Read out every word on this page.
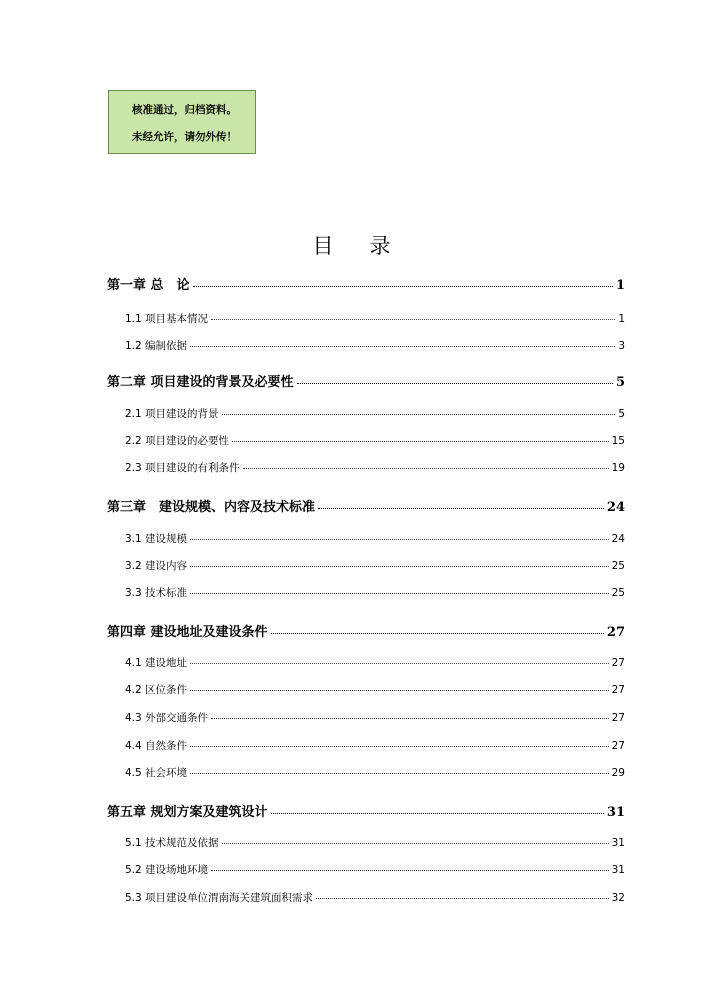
核准通过，归档资料。
未经允许，请勿外传！
目录
第一章 总　论	1
1.1 项目基本情况	1
1.2 编制依据	3
第二章 项目建设的背景及必要性	5
2.1 项目建设的背景	5
2.2 项目建设的必要性	15
2.3 项目建设的有利条件	19
第三章　建设规模、内容及技术标准	24
3.1 建设规模	24
3.2 建设内容	25
3.3 技术标准	25
第四章 建设地址及建设条件	27
4.1 建设地址	27
4.2 区位条件	27
4.3 外部交通条件	27
4.4 自然条件	27
4.5 社会环境	29
第五章 规划方案及建筑设计	31
5.1 技术规范及依据	31
5.2 建设场地环境	31
5.3 项目建设单位渭南海关建筑面积需求	32
